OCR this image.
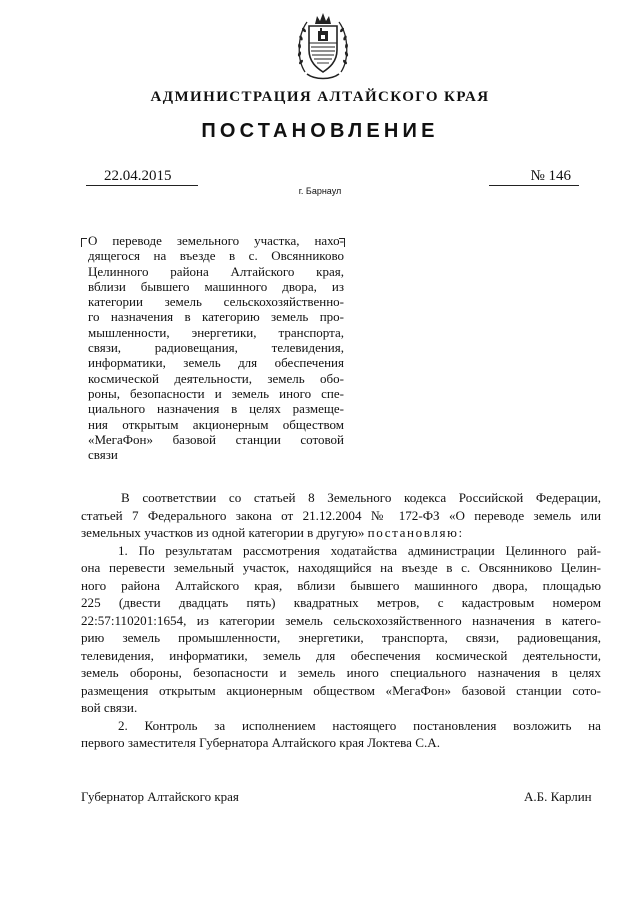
АДМИНИСТРАЦИЯ АЛТАЙСКОГО КРАЯ
ПОСТАНОВЛЕНИЕ
22.04.2015
г. Барнаул
№ 146
О переводе земельного участка, нахо-
дящегося на въезде в с. Овсянниково
Целинного района Алтайского края,
вблизи бывшего машинного двора, из
категории земель сельскохозяйственно-
го назначения в категорию земель про-
мышленности, энергетики, транспорта,
связи, радиовещания, телевидения,
информатики, земель для обеспечения
космической деятельности, земель обо-
роны, безопасности и земель иного спе-
циального назначения в целях размеще-
ния открытым акционерным обществом
«МегаФон» базовой станции сотовой
связи

В соответствии со статьей 8 Земельного кодекса Российской Федерации,
статьей 7 Федерального закона от 21.12.2004 № 172-ФЗ «О переводе земель или
земельных участков из одной категории в другую» постановляю:

1. По результатам рассмотрения ходатайства администрации Целинного рай-
она перевести земельный участок, находящийся на въезде в с. Овсянниково Целин-
ного района Алтайского края, вблизи бывшего машинного двора, площадью
225 (двести двадцать пять) квадратных метров, с кадастровым номером
22:57:110201:1654, из категории земель сельскохозяйственного назначения в катего-
рию земель промышленности, энергетики, транспорта, связи, радиовещания,
телевидения, информатики, земель для обеспечения космической деятельности,
земель обороны, безопасности и земель иного специального назначения в целях
размещения открытым акционерным обществом «МегаФон» базовой станции сото-
вой связи.

2. Контроль за исполнением настоящего постановления возложить на
первого заместителя Губернатора Алтайского края Локтева С.А.

Губернатор Алтайского края	А.Б. Карлин
